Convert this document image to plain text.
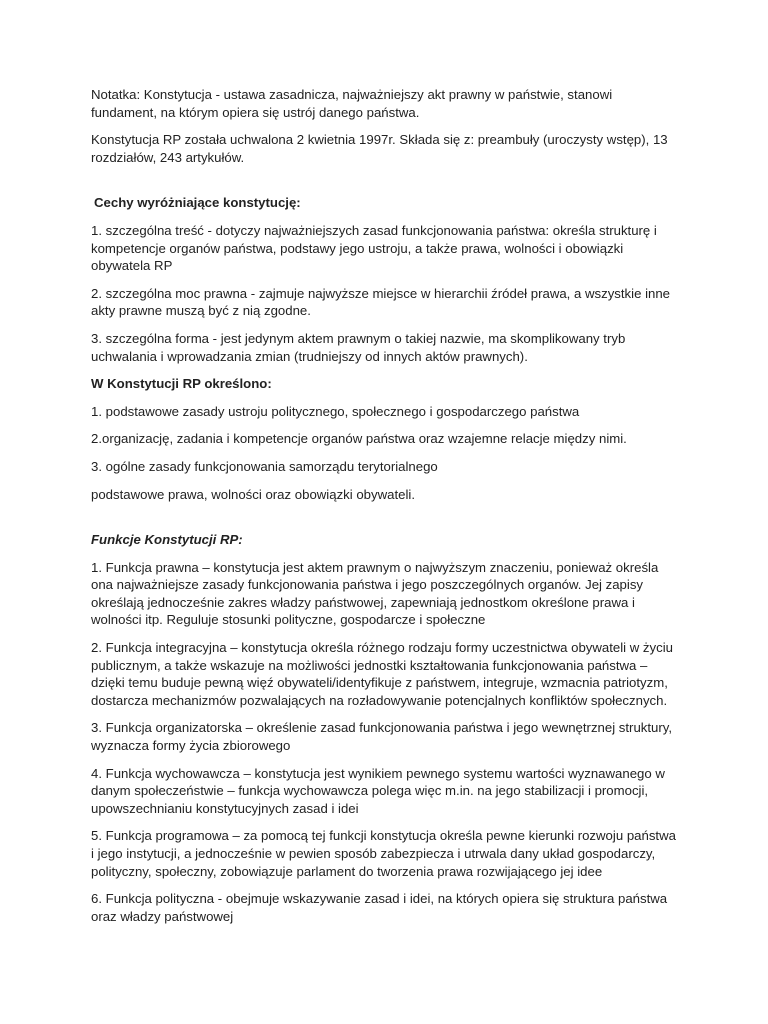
Notatka: Konstytucja - ustawa zasadnicza, najważniejszy akt prawny w państwie, stanowi fundament, na którym opiera się ustrój danego państwa.

Konstytucja RP została uchwalona 2 kwietnia 1997r. Składa się z: preambuły (uroczysty wstęp), 13 rozdziałów, 243 artykułów.

Cechy wyróżniające konstytucję:

1. szczególna treść - dotyczy najważniejszych zasad funkcjonowania państwa: określa strukturę i kompetencje organów państwa, podstawy jego ustroju, a także prawa, wolności i obowiązki obywatela RP

2. szczególna moc prawna - zajmuje najwyższe miejsce w hierarchii źródeł prawa, a wszystkie inne akty prawne muszą być z nią zgodne.

3. szczególna forma - jest jedynym aktem prawnym o takiej nazwie, ma skomplikowany tryb uchwalania i wprowadzania zmian (trudniejszy od innych aktów prawnych).

W Konstytucji RP określono:

1. podstawowe zasady ustroju politycznego, społecznego i gospodarczego państwa

2.organizację, zadania i kompetencje organów państwa oraz wzajemne relacje między nimi.

3. ogólne zasady funkcjonowania samorządu terytorialnego

podstawowe prawa, wolności oraz obowiązki obywateli.

Funkcje Konstytucji RP:

1. Funkcja prawna – konstytucja jest aktem prawnym o najwyższym znaczeniu, ponieważ określa ona najważniejsze zasady funkcjonowania państwa i jego poszczególnych organów. Jej zapisy określają jednocześnie zakres władzy państwowej, zapewniają jednostkom określone prawa i wolności itp. Reguluje stosunki polityczne, gospodarcze i społeczne

2. Funkcja integracyjna – konstytucja określa różnego rodzaju formy uczestnictwa obywateli w życiu publicznym, a także wskazuje na możliwości jednostki kształtowania funkcjonowania państwa – dzięki temu buduje pewną więź obywateli/identyfikuje z państwem, integruje, wzmacnia patriotyzm, dostarcza mechanizmów pozwalających na rozładowywanie potencjalnych konfliktów społecznych.

3. Funkcja organizatorska – określenie zasad funkcjonowania państwa i jego wewnętrznej struktury, wyznacza formy życia zbiorowego

4. Funkcja wychowawcza – konstytucja jest wynikiem pewnego systemu wartości wyznawanego w danym społeczeństwie – funkcja wychowawcza polega więc m.in. na jego stabilizacji i promocji, upowszechnianiu konstytucyjnych zasad i idei

5. Funkcja programowa – za pomocą tej funkcji konstytucja określa pewne kierunki rozwoju państwa i jego instytucji, a jednocześnie w pewien sposób zabezpiecza i utrwala dany układ gospodarczy, polityczny, społeczny, zobowiązuje parlament do tworzenia prawa rozwijającego jej idee

6. Funkcja polityczna - obejmuje wskazywanie zasad i idei, na których opiera się struktura państwa oraz władzy państwowej
